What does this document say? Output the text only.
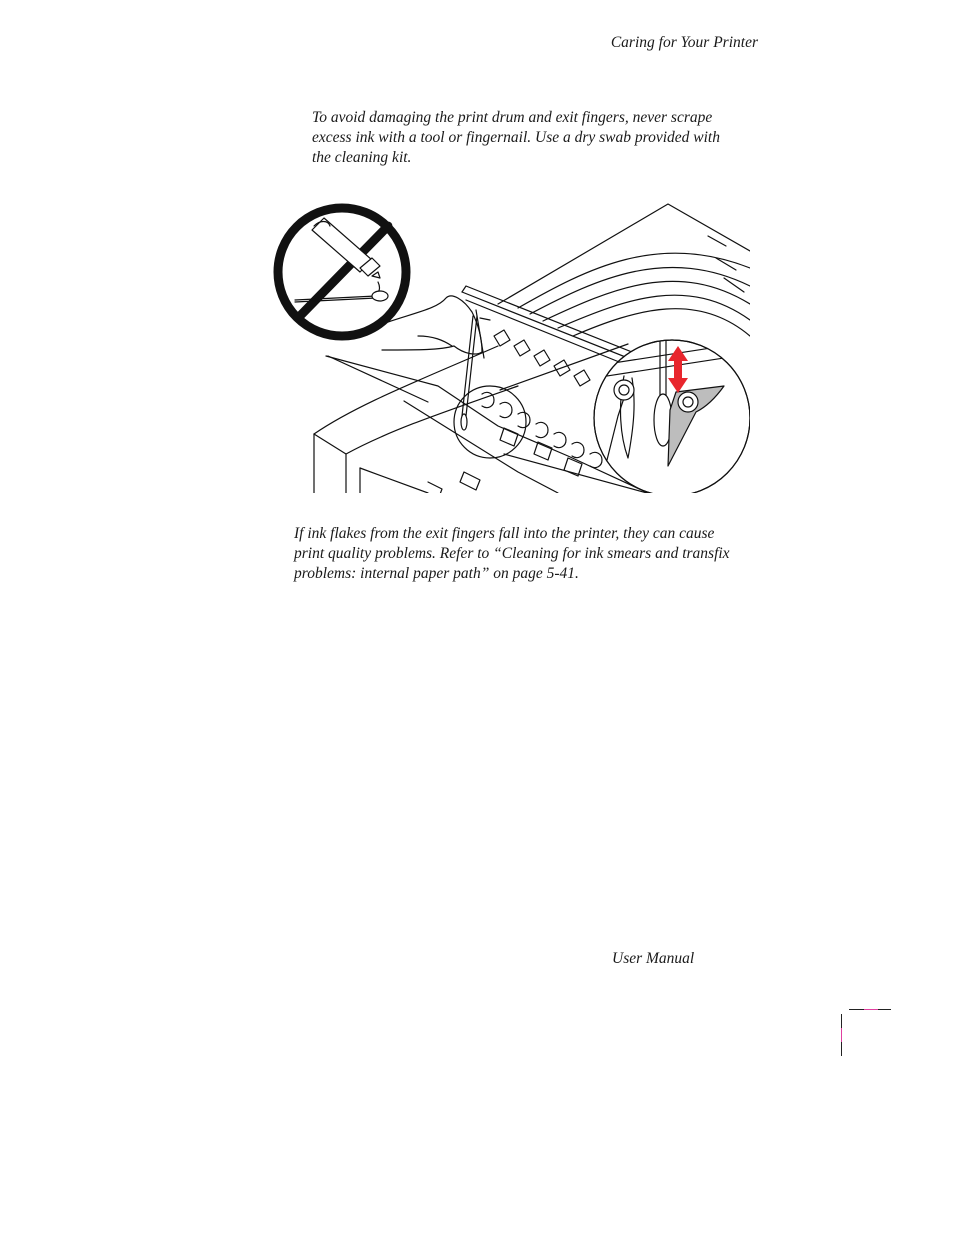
Caring for Your Printer
To avoid damaging the print drum and exit fingers, never scrape excess ink with a tool or fingernail. Use a dry swab provided with the cleaning kit.
If ink flakes from the exit fingers fall into the printer, they can cause print quality problems. Refer to “Cleaning for ink smears and transfix problems: internal paper path” on page 5-41.
User Manual
